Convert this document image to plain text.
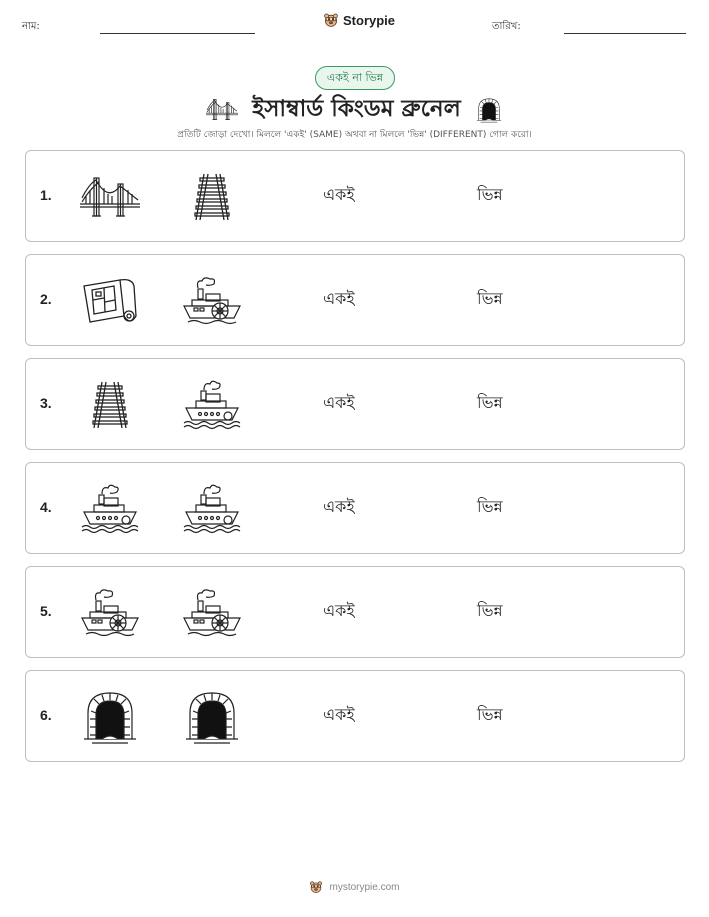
নাম:	Storypie	তারিখ:
একই না ভিন্ন
ইসাম্বার্ড কিংডম ব্রুনেল
প্রতিটি জোড়া দেখো। মিললে 'একই' (SAME) অথবা না মিললে 'ভিন্ন' (DIFFERENT) গোল করো।
1.	একই	ভিন্ন
2.	একই	ভিন্ন
3.	একই	ভিন্ন
4.	একই	ভিন্ন
5.	একই	ভিন্ন
6.	একই	ভিন্ন
mystorypie.com
